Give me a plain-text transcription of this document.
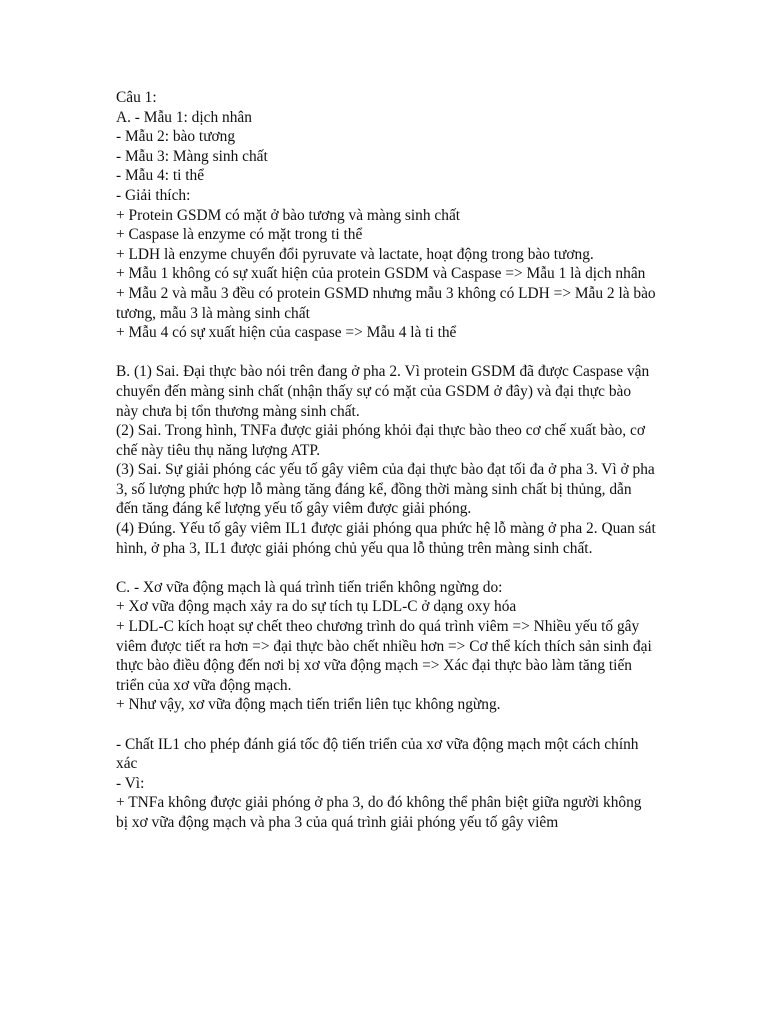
Câu 1:
A. - Mẫu 1: dịch nhân
- Mẫu 2: bào tương
- Mẫu 3: Màng sinh chất
- Mẫu 4: ti thể
- Giải thích:
+ Protein GSDM có mặt ở bào tương và màng sinh chất
+ Caspase là enzyme có mặt trong ti thể
+ LDH là enzyme chuyển đổi pyruvate và lactate, hoạt động trong bào tương.
+ Mẫu 1 không có sự xuất hiện của protein GSDM và Caspase => Mẫu 1 là dịch nhân
+ Mẫu 2 và mẫu 3 đều có protein GSMD nhưng mẫu 3 không có LDH => Mẫu 2 là bào tương, mẫu 3 là màng sinh chất
+ Mẫu 4 có sự xuất hiện của caspase => Mẫu 4 là ti thể
B. (1) Sai. Đại thực bào nói trên đang ở pha 2. Vì protein GSDM đã được Caspase vận chuyển đến màng sinh chất (nhận thấy sự có mặt của GSDM ở đây) và đại thực bào này chưa bị tổn thương màng sinh chất.
(2) Sai. Trong hình, TNFa được giải phóng khỏi đại thực bào theo cơ chế xuất bào, cơ chế này tiêu thụ năng lượng ATP.
(3) Sai. Sự giải phóng các yếu tố gây viêm của đại thực bào đạt tối đa ở pha 3. Vì ở pha 3, số lượng phức hợp lỗ màng tăng đáng kể, đồng thời màng sinh chất bị thủng, dẫn đến tăng đáng kể lượng yếu tố gây viêm được giải phóng.
(4) Đúng. Yếu tố gây viêm IL1 được giải phóng qua phức hệ lỗ màng ở pha 2. Quan sát hình, ở pha 3, IL1 được giải phóng chủ yếu qua lỗ thủng trên màng sinh chất.
C. - Xơ vữa động mạch là quá trình tiến triển không ngừng do:
+ Xơ vữa động mạch xảy ra do sự tích tụ LDL-C ở dạng oxy hóa
+ LDL-C kích hoạt sự chết theo chương trình do quá trình viêm => Nhiều yếu tố gây viêm được tiết ra hơn => đại thực bào chết nhiều hơn => Cơ thể kích thích sản sinh đại thực bào điều động đến nơi bị xơ vữa động mạch => Xác đại thực bào làm tăng tiến triển của xơ vữa động mạch.
+ Như vậy, xơ vữa động mạch tiến triển liên tục không ngừng.
- Chất IL1 cho phép đánh giá tốc độ tiến triển của xơ vữa động mạch một cách chính xác
- Vì:
+ TNFa không được giải phóng ở pha 3, do đó không thể phân biệt giữa người không bị xơ vữa động mạch và pha 3 của quá trình giải phóng yếu tố gây viêm
